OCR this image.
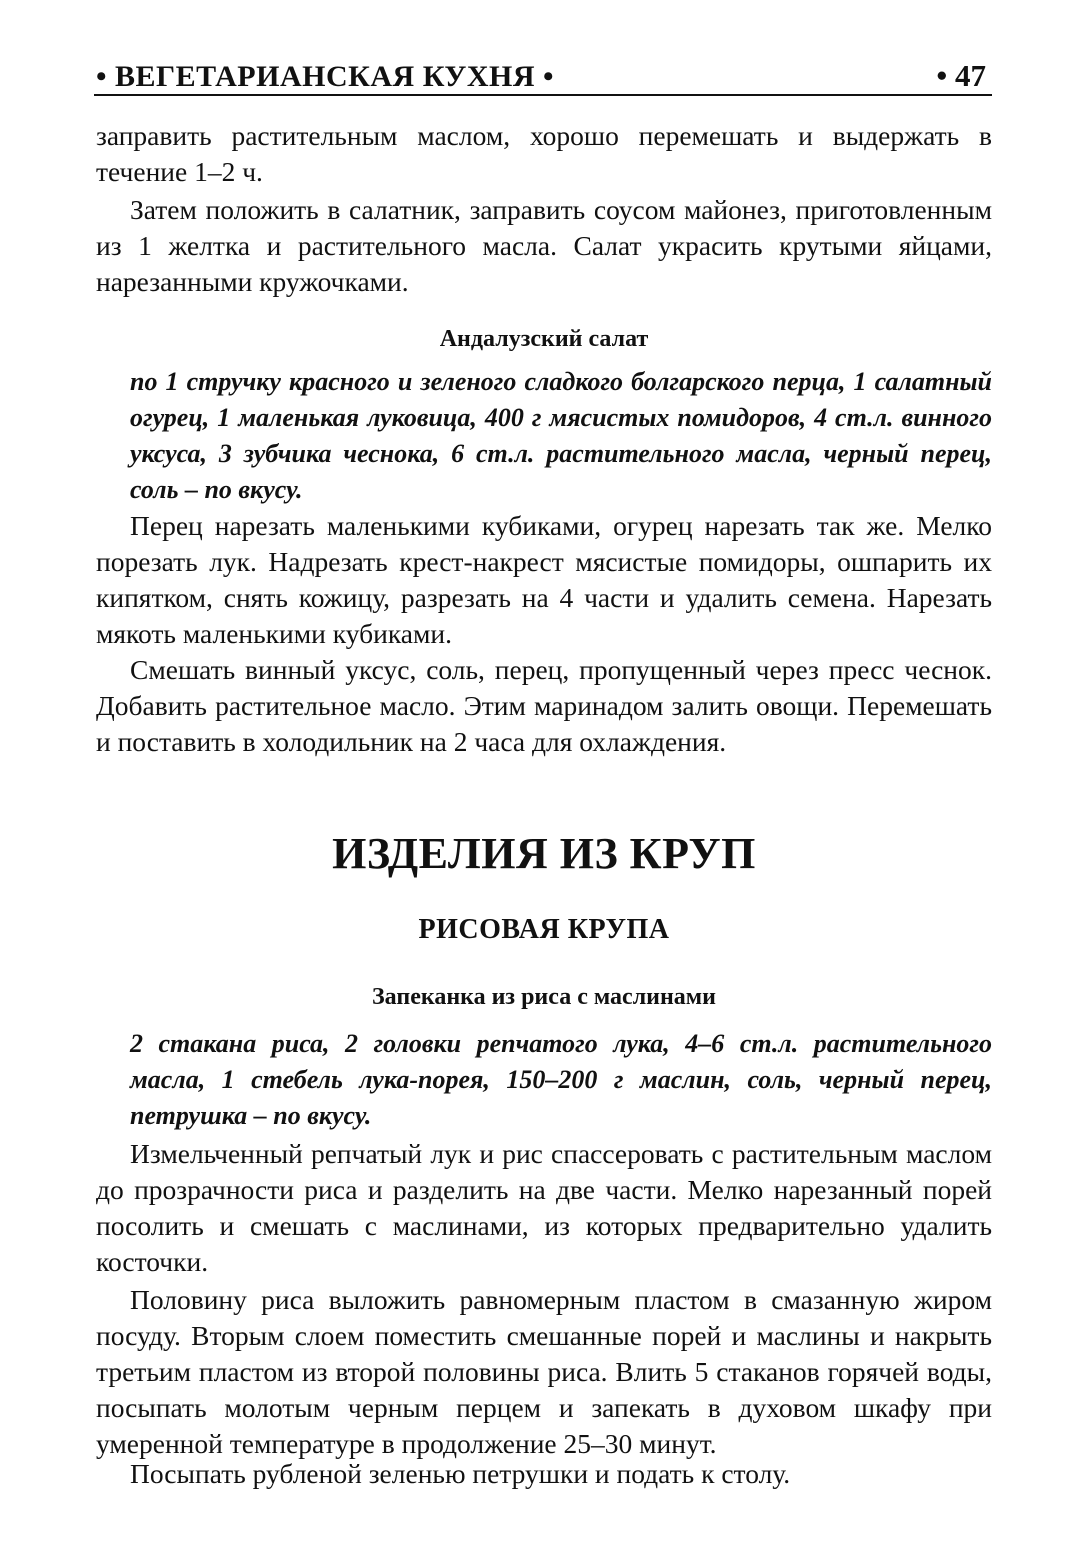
• ВЕГЕТАРИАНСКАЯ КУХНЯ •	• 47

заправить растительным маслом, хорошо перемешать и выдержать в течение 1–2 ч.

Затем положить в салатник, заправить соусом майонез, приготовленным из 1 желтка и растительного масла. Салат украсить крутыми яйцами, нарезанными кружочками.

Андалузский салат

по 1 стручку красного и зеленого сладкого болгарского перца, 1 салатный огурец, 1 маленькая луковица, 400 г мясистых помидоров, 4 ст.л. винного уксуса, 3 зубчика чеснока, 6 ст.л. растительного масла, черный перец, соль – по вкусу.

Перец нарезать маленькими кубиками, огурец нарезать так же. Мелко порезать лук. Надрезать крест-накрест мясистые помидоры, ошпарить их кипятком, снять кожицу, разрезать на 4 части и удалить семена. Нарезать мякоть маленькими кубиками.

Смешать винный уксус, соль, перец, пропущенный через пресс чеснок. Добавить растительное масло. Этим маринадом залить овощи. Перемешать и поставить в холодильник на 2 часа для охлаждения.

ИЗДЕЛИЯ ИЗ КРУП

РИСОВАЯ КРУПА

Запеканка из риса с маслинами

2 стакана риса, 2 головки репчатого лука, 4–6 ст.л. растительного масла, 1 стебель лука-порея, 150–200 г маслин, соль, черный перец, петрушка – по вкусу.

Измельченный репчатый лук и рис спассеровать с растительным маслом до прозрачности риса и разделить на две части. Мелко нарезанный порей посолить и смешать с маслинами, из которых предварительно удалить косточки.

Половину риса выложить равномерным пластом в смазанную жиром посуду. Вторым слоем поместить смешанные порей и маслины и накрыть третьим пластом из второй половины риса. Влить 5 стаканов горячей воды, посыпать молотым черным перцем и запекать в духовом шкафу при умеренной температуре в продолжение 25–30 минут.

Посыпать рубленой зеленью петрушки и подать к столу.
